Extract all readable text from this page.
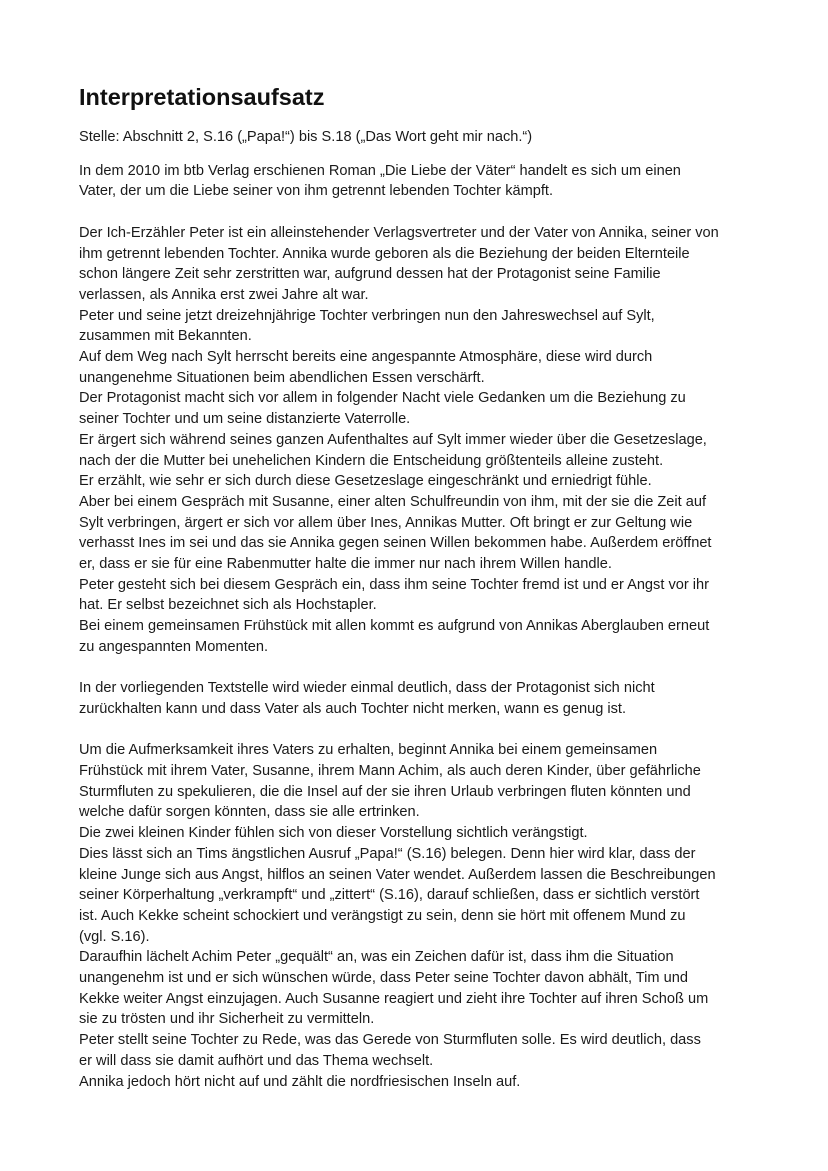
Interpretationsaufsatz
Stelle: Abschnitt 2, S.16 („Papa!“) bis S.18 („Das Wort geht mir nach.“)
In dem 2010 im btb Verlag erschienen Roman „Die Liebe der Väter“ handelt es sich um einen
Vater, der um die Liebe seiner von ihm getrennt lebenden Tochter kämpft.
Der Ich-Erzähler Peter ist ein alleinstehender Verlagsvertreter und der Vater von Annika, seiner von
ihm getrennt lebenden Tochter. Annika wurde geboren als die Beziehung der beiden Elternteile
schon längere Zeit sehr zerstritten war, aufgrund dessen hat der Protagonist seine Familie
verlassen, als Annika erst zwei Jahre alt war.
Peter und seine jetzt dreizehnjährige Tochter verbringen nun den Jahreswechsel auf Sylt,
zusammen mit Bekannten.
Auf dem Weg nach Sylt herrscht bereits eine angespannte Atmosphäre, diese wird durch
unangenehme Situationen beim abendlichen Essen verschärft.
Der Protagonist macht sich vor allem in folgender Nacht viele Gedanken um die Beziehung zu
seiner Tochter und um seine distanzierte Vaterrolle.
Er ärgert sich während seines ganzen Aufenthaltes auf Sylt immer wieder über die Gesetzeslage,
nach der die Mutter bei unehelichen Kindern die Entscheidung größtenteils alleine zusteht.
Er erzählt, wie sehr er sich durch diese Gesetzeslage eingeschränkt und erniedrigt fühle.
Aber bei einem Gespräch mit Susanne, einer alten Schulfreundin von ihm, mit der sie die Zeit auf
Sylt verbringen, ärgert er sich vor allem über Ines, Annikas Mutter. Oft bringt er zur Geltung wie
verhasst Ines im sei und das sie Annika gegen seinen Willen bekommen habe. Außerdem eröffnet
er, dass er sie für eine Rabenmutter halte die immer nur nach ihrem Willen handle.
Peter gesteht sich bei diesem Gespräch ein, dass ihm seine Tochter fremd ist und er Angst vor ihr
hat. Er selbst bezeichnet sich als Hochstapler.
Bei einem gemeinsamen Frühstück mit allen kommt es aufgrund von Annikas Aberglauben erneut
zu angespannten Momenten.
In der vorliegenden Textstelle wird wieder einmal deutlich, dass der Protagonist sich nicht
zurückhalten kann und dass Vater als auch Tochter nicht merken, wann es genug ist.
Um die Aufmerksamkeit ihres Vaters zu erhalten, beginnt Annika bei einem gemeinsamen
Frühstück mit ihrem Vater, Susanne, ihrem Mann Achim, als auch deren Kinder, über gefährliche
Sturmfluten zu spekulieren, die die Insel auf der sie ihren Urlaub verbringen fluten könnten und
welche dafür sorgen könnten, dass sie alle ertrinken.
Die zwei kleinen Kinder fühlen sich von dieser Vorstellung sichtlich verängstigt.
Dies lässt sich an Tims ängstlichen Ausruf „Papa!“ (S.16) belegen. Denn hier wird klar, dass der
kleine Junge sich aus Angst, hilflos an seinen Vater wendet. Außerdem lassen die Beschreibungen
seiner Körperhaltung „verkrampft“ und „zittert“ (S.16), darauf schließen, dass er sichtlich verstört
ist. Auch Kekke scheint schockiert und verängstigt zu sein, denn sie hört mit offenem Mund zu
(vgl. S.16).
Daraufhin lächelt Achim Peter „gequält“ an, was ein Zeichen dafür ist, dass ihm die Situation
unangenehm ist und er sich wünschen würde, dass Peter seine Tochter davon abhält, Tim und
Kekke weiter Angst einzujagen. Auch Susanne reagiert und zieht ihre Tochter auf ihren Schoß um
sie zu trösten und ihr Sicherheit zu vermitteln.
Peter stellt seine Tochter zu Rede, was das Gerede von Sturmfluten solle. Es wird deutlich, dass
er will dass sie damit aufhört und das Thema wechselt.
Annika jedoch hört nicht auf und zählt die nordfriesischen Inseln auf.
